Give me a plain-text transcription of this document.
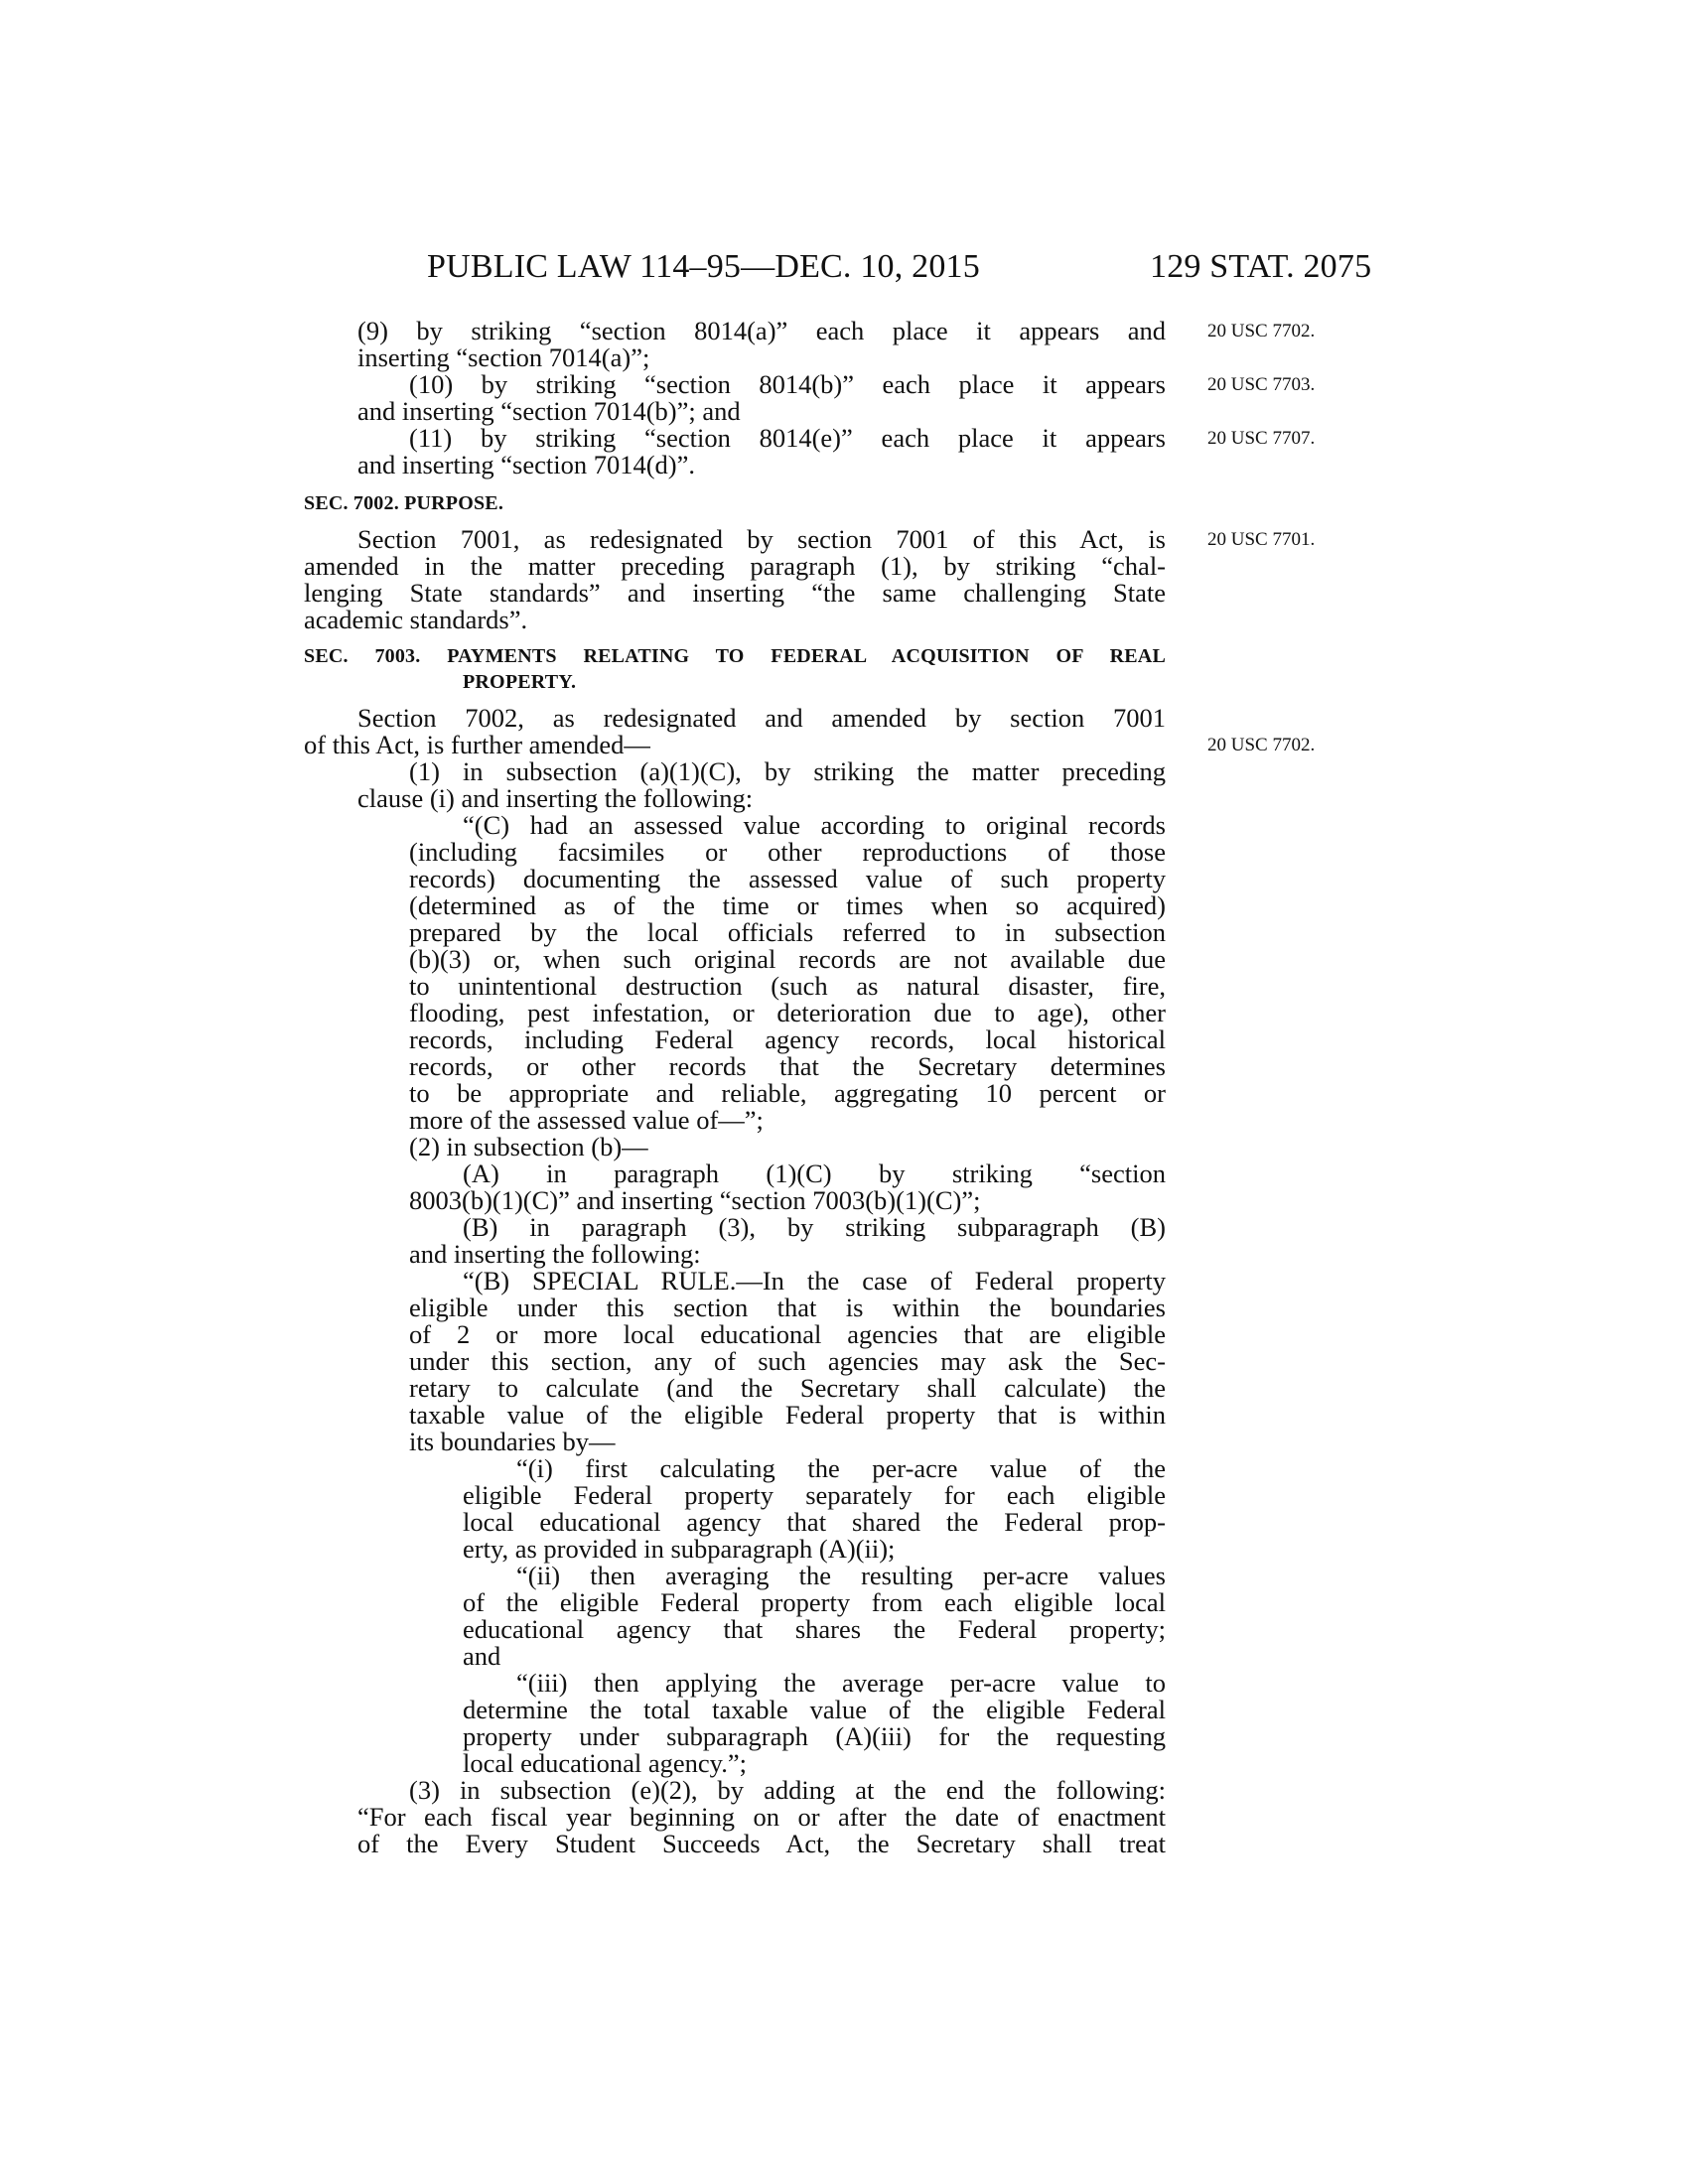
PUBLIC LAW 114–95—DEC. 10, 2015	129 STAT. 2075
(9) by striking “section 8014(a)” each place it appears and
inserting “section 7014(a)”;
(10) by striking “section 8014(b)” each place it appears
and inserting “section 7014(b)”; and
(11) by striking “section 8014(e)” each place it appears
and inserting “section 7014(d)”.
SEC. 7002. PURPOSE.
Section 7001, as redesignated by section 7001 of this Act, is
amended in the matter preceding paragraph (1), by striking “chal-
lenging State standards” and inserting “the same challenging State
academic standards”.
SEC. 7003. PAYMENTS RELATING TO FEDERAL ACQUISITION OF REAL
PROPERTY.
Section 7002, as redesignated and amended by section 7001
of this Act, is further amended—
(1) in subsection (a)(1)(C), by striking the matter preceding
clause (i) and inserting the following:
“(C) had an assessed value according to original records
(including facsimiles or other reproductions of those
records) documenting the assessed value of such property
(determined as of the time or times when so acquired)
prepared by the local officials referred to in subsection
(b)(3) or, when such original records are not available due
to unintentional destruction (such as natural disaster, fire,
flooding, pest infestation, or deterioration due to age), other
records, including Federal agency records, local historical
records, or other records that the Secretary determines
to be appropriate and reliable, aggregating 10 percent or
more of the assessed value of—”;
(2) in subsection (b)—
(A) in paragraph (1)(C) by striking “section
8003(b)(1)(C)” and inserting “section 7003(b)(1)(C)”;
(B) in paragraph (3), by striking subparagraph (B)
and inserting the following:
“(B) SPECIAL RULE.—In the case of Federal property
eligible under this section that is within the boundaries
of 2 or more local educational agencies that are eligible
under this section, any of such agencies may ask the Sec-
retary to calculate (and the Secretary shall calculate) the
taxable value of the eligible Federal property that is within
its boundaries by—
“(i) first calculating the per-acre value of the
eligible Federal property separately for each eligible
local educational agency that shared the Federal prop-
erty, as provided in subparagraph (A)(ii);
“(ii) then averaging the resulting per-acre values
of the eligible Federal property from each eligible local
educational agency that shares the Federal property;
and
“(iii) then applying the average per-acre value to
determine the total taxable value of the eligible Federal
property under subparagraph (A)(iii) for the requesting
local educational agency.”;
(3) in subsection (e)(2), by adding at the end the following:
“For each fiscal year beginning on or after the date of enactment
of the Every Student Succeeds Act, the Secretary shall treat
20 USC 7702.
20 USC 7703.
20 USC 7707.
20 USC 7701.
20 USC 7702.
